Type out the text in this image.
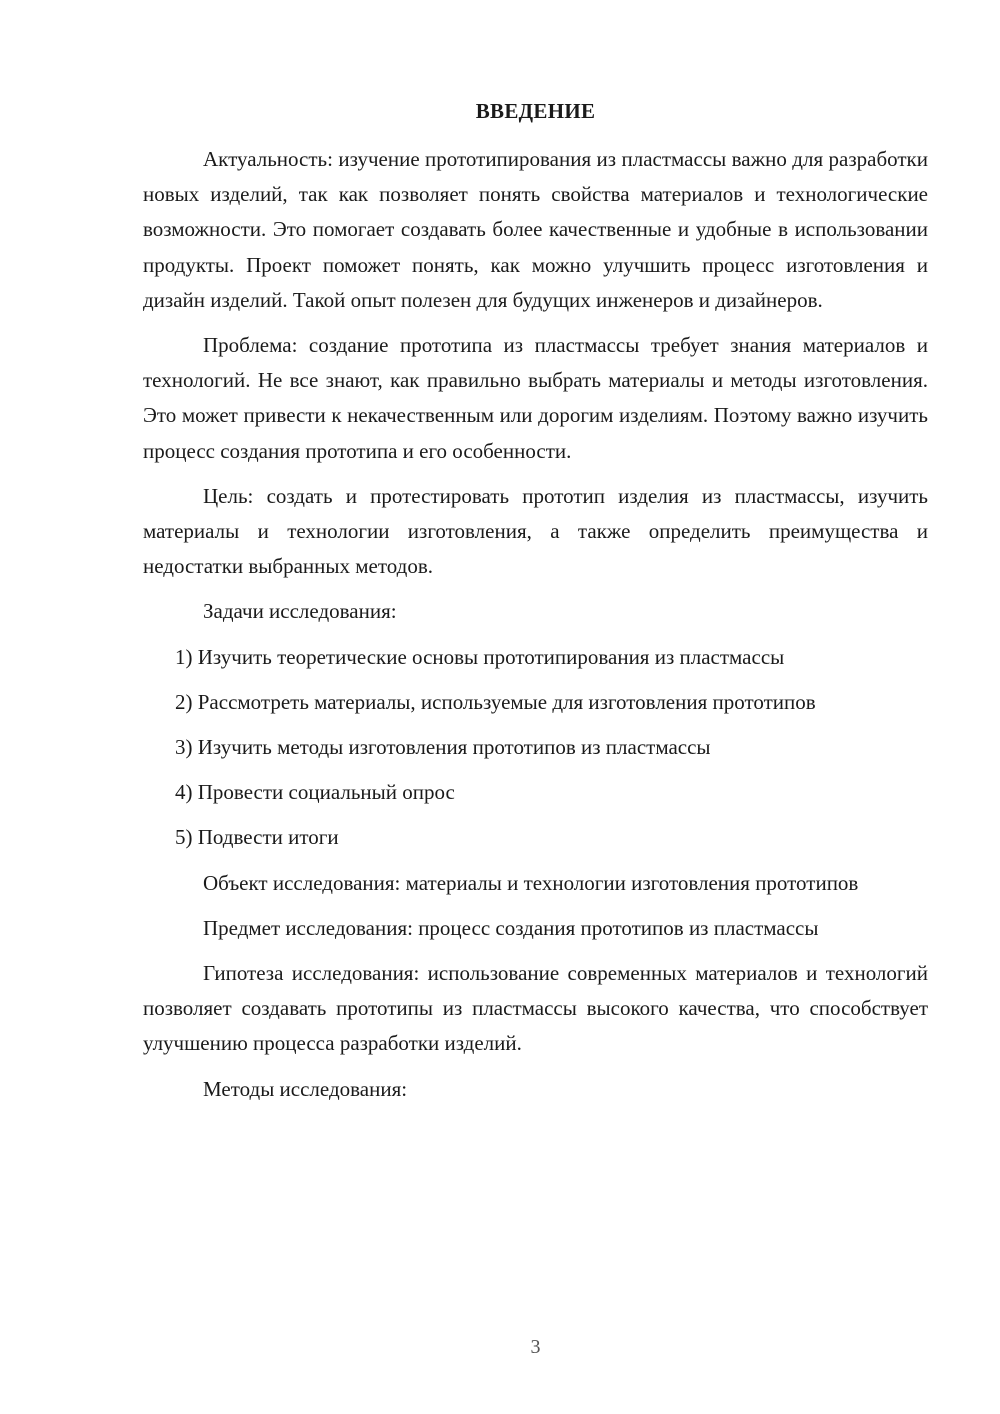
ВВЕДЕНИЕ

Актуальность: изучение прототипирования из пластмассы важно для разработки новых изделий, так как позволяет понять свойства материалов и технологические возможности. Это помогает создавать более качественные и удобные в использовании продукты. Проект поможет понять, как можно улучшить процесс изготовления и дизайн изделий. Такой опыт полезен для будущих инженеров и дизайнеров.

Проблема: создание прототипа из пластмассы требует знания материалов и технологий. Не все знают, как правильно выбрать материалы и методы изготовления. Это может привести к некачественным или дорогим изделиям. Поэтому важно изучить процесс создания прототипа и его особенности.

Цель: создать и протестировать прототип изделия из пластмассы, изучить материалы и технологии изготовления, а также определить преимущества и недостатки выбранных методов.

Задачи исследования:

1) Изучить теоретические основы прототипирования из пластмассы

2) Рассмотреть материалы, используемые для изготовления прототипов

3) Изучить методы изготовления прототипов из пластмассы

4) Провести социальный опрос

5) Подвести итоги

Объект исследования: материалы и технологии изготовления прототипов

Предмет исследования: процесс создания прототипов из пластмассы

Гипотеза исследования: использование современных материалов и технологий позволяет создавать прототипы из пластмассы высокого качества, что способствует улучшению процесса разработки изделий.

Методы исследования:

3
